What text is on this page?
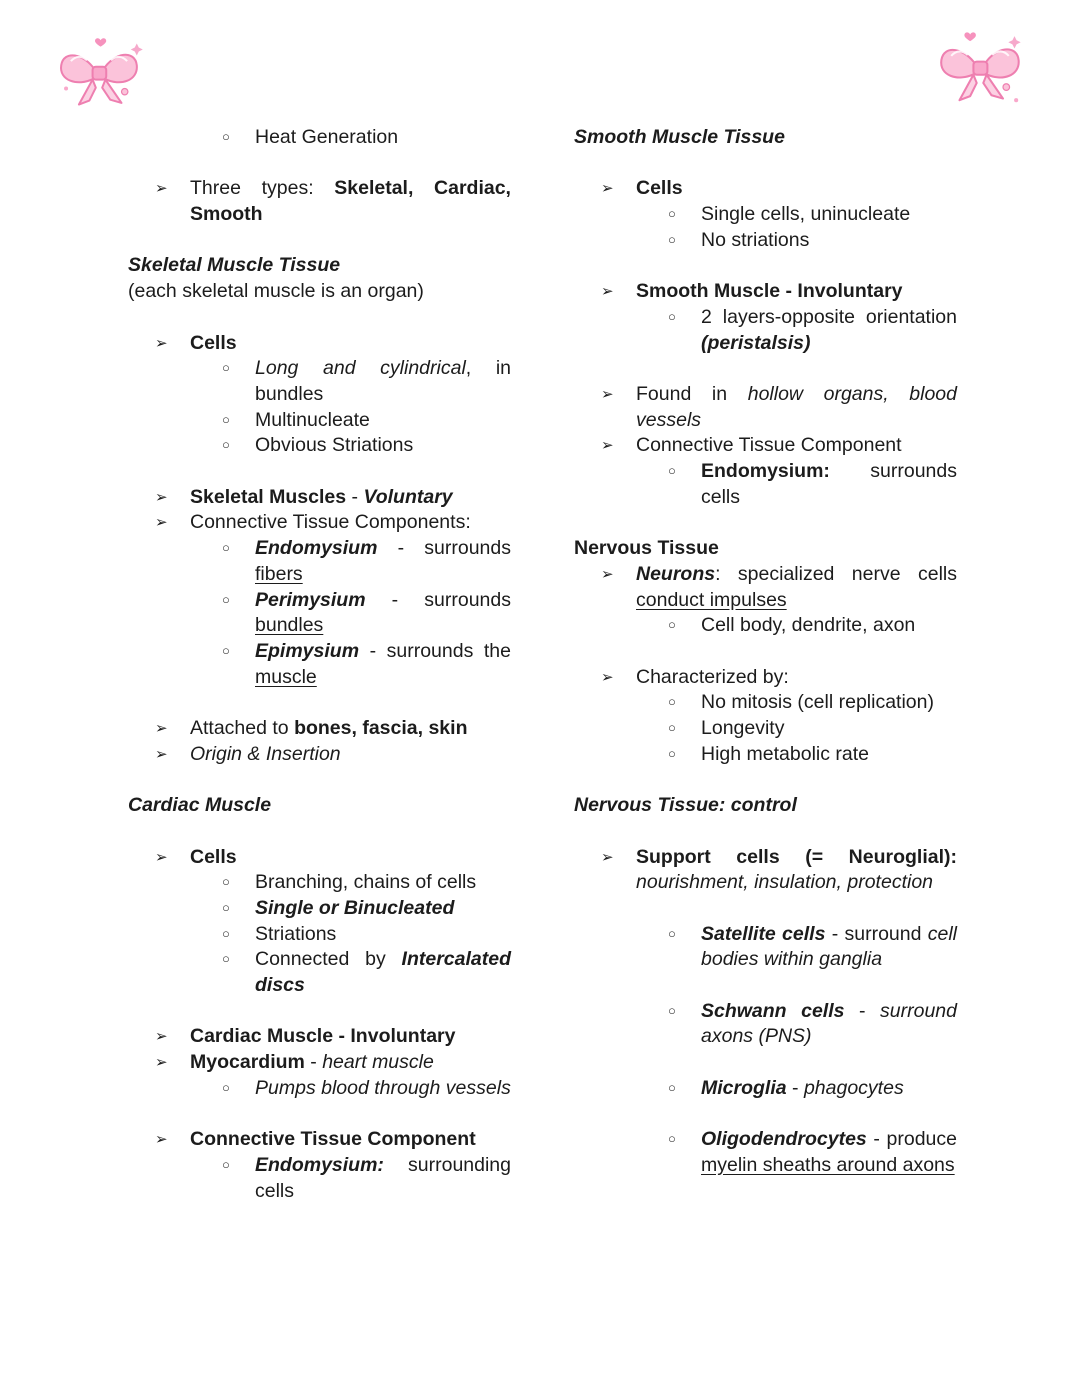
○	Heat Generation
➢	Three types: Skeletal, Cardiac, Smooth
Skeletal Muscle Tissue
(each skeletal muscle is an organ)
➢	Cells
○	Long and cylindrical, in bundles
○	Multinucleate
○	Obvious Striations
➢	Skeletal Muscles - Voluntary
➢	Connective Tissue Components:
○	Endomysium - surrounds fibers
○	Perimysium - surrounds bundles
○	Epimysium - surrounds the muscle
➢	Attached to bones, fascia, skin
➢	Origin & Insertion
Cardiac Muscle
➢	Cells
○	Branching, chains of cells
○	Single or Binucleated
○	Striations
○	Connected by Intercalated discs
➢	Cardiac Muscle - Involuntary
➢	Myocardium - heart muscle
○	Pumps blood through vessels
➢	Connective Tissue Component
○	Endomysium: surrounding cells
Smooth Muscle Tissue
➢	Cells
○	Single cells, uninucleate
○	No striations
➢	Smooth Muscle - Involuntary
○	2 layers-opposite orientation (peristalsis)
➢	Found in hollow organs, blood vessels
➢	Connective Tissue Component
○	Endomysium: surrounds cells
Nervous Tissue
➢	Neurons: specialized nerve cells conduct impulses
○	Cell body, dendrite, axon
➢	Characterized by:
○	No mitosis (cell replication)
○	Longevity
○	High metabolic rate
Nervous Tissue: control
➢	Support cells (= Neuroglial): nourishment, insulation, protection
○	Satellite cells - surround cell bodies within ganglia
○	Schwann cells - surround axons (PNS)
○	Microglia - phagocytes
○	Oligodendrocytes - produce myelin sheaths around axons
